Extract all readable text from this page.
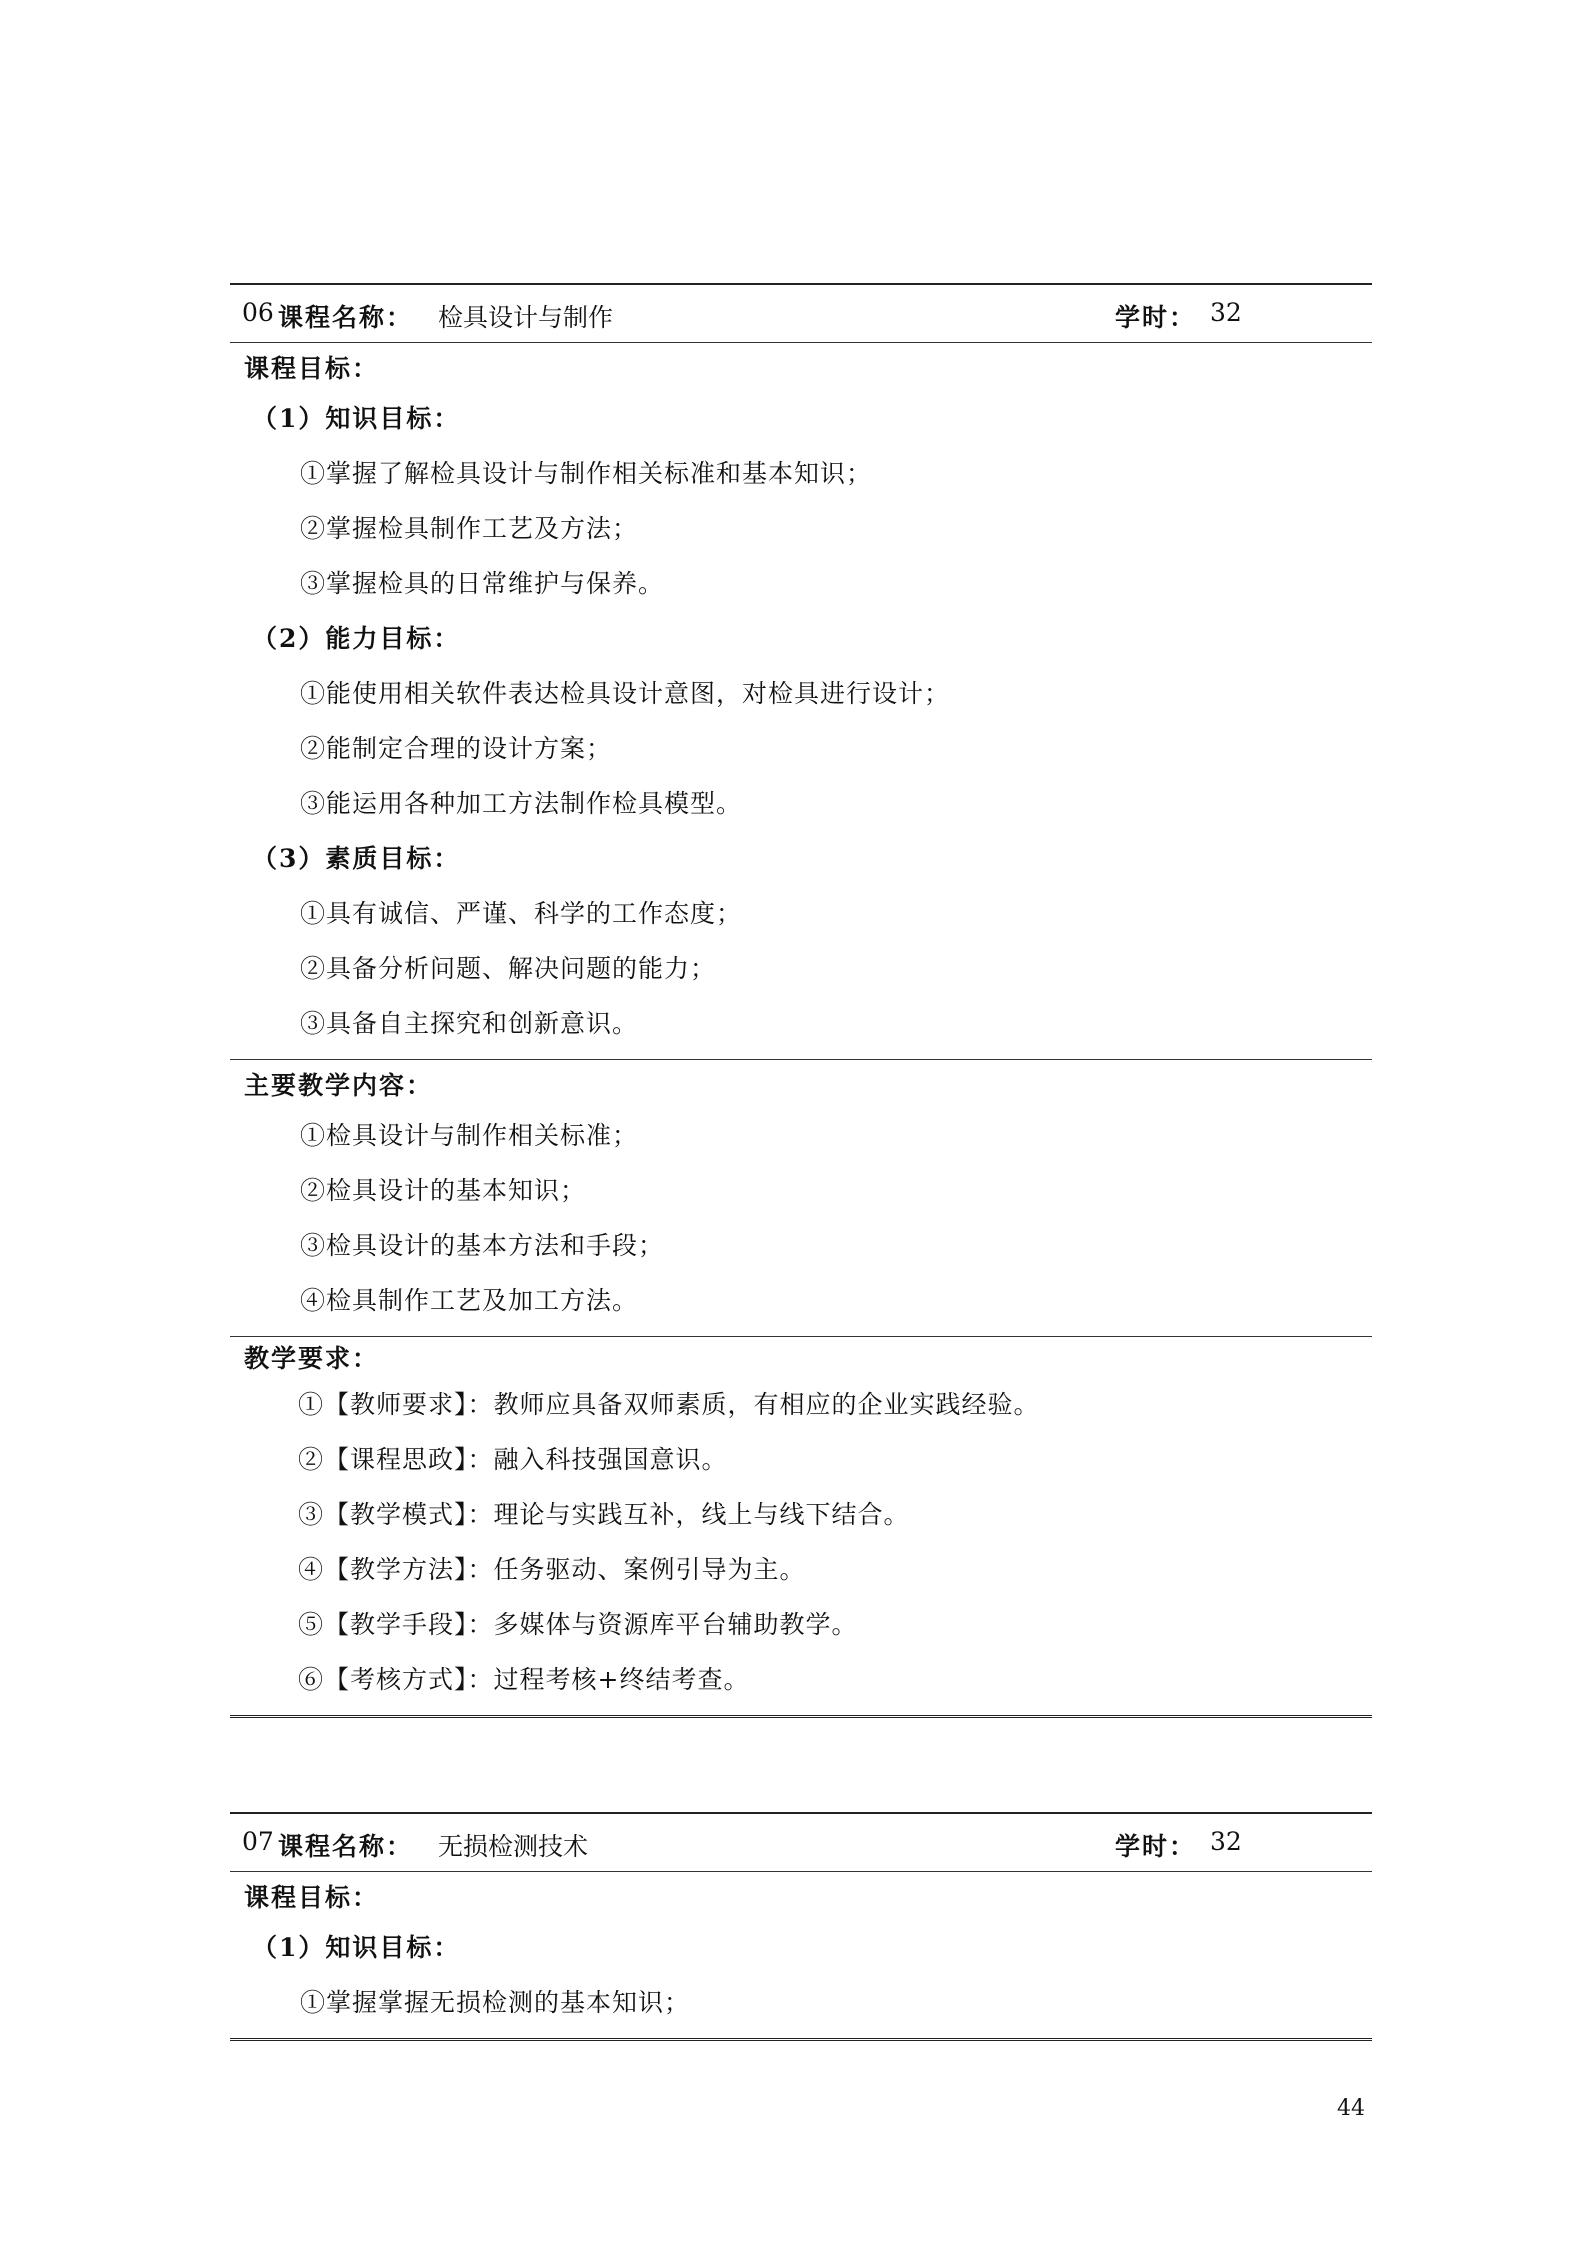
06 课程名称： 检具设计与制作	学时： 32
课程目标：
（1）知识目标：
①掌握了解检具设计与制作相关标准和基本知识；
②掌握检具制作工艺及方法；
③掌握检具的日常维护与保养。
（2）能力目标：
①能使用相关软件表达检具设计意图，对检具进行设计；
②能制定合理的设计方案；
③能运用各种加工方法制作检具模型。
（3）素质目标：
①具有诚信、严谨、科学的工作态度；
②具备分析问题、解决问题的能力；
③具备自主探究和创新意识。
主要教学内容：
①检具设计与制作相关标准；
②检具设计的基本知识；
③检具设计的基本方法和手段；
④检具制作工艺及加工方法。
教学要求：
①【教师要求】：教师应具备双师素质，有相应的企业实践经验。
②【课程思政】：融入科技强国意识。
③【教学模式】：理论与实践互补，线上与线下结合。
④【教学方法】：任务驱动、案例引导为主。
⑤【教学手段】：多媒体与资源库平台辅助教学。
⑥【考核方式】：过程考核+终结考查。
07 课程名称： 无损检测技术	学时： 32
课程目标：
（1）知识目标：
①掌握掌握无损检测的基本知识；
44
